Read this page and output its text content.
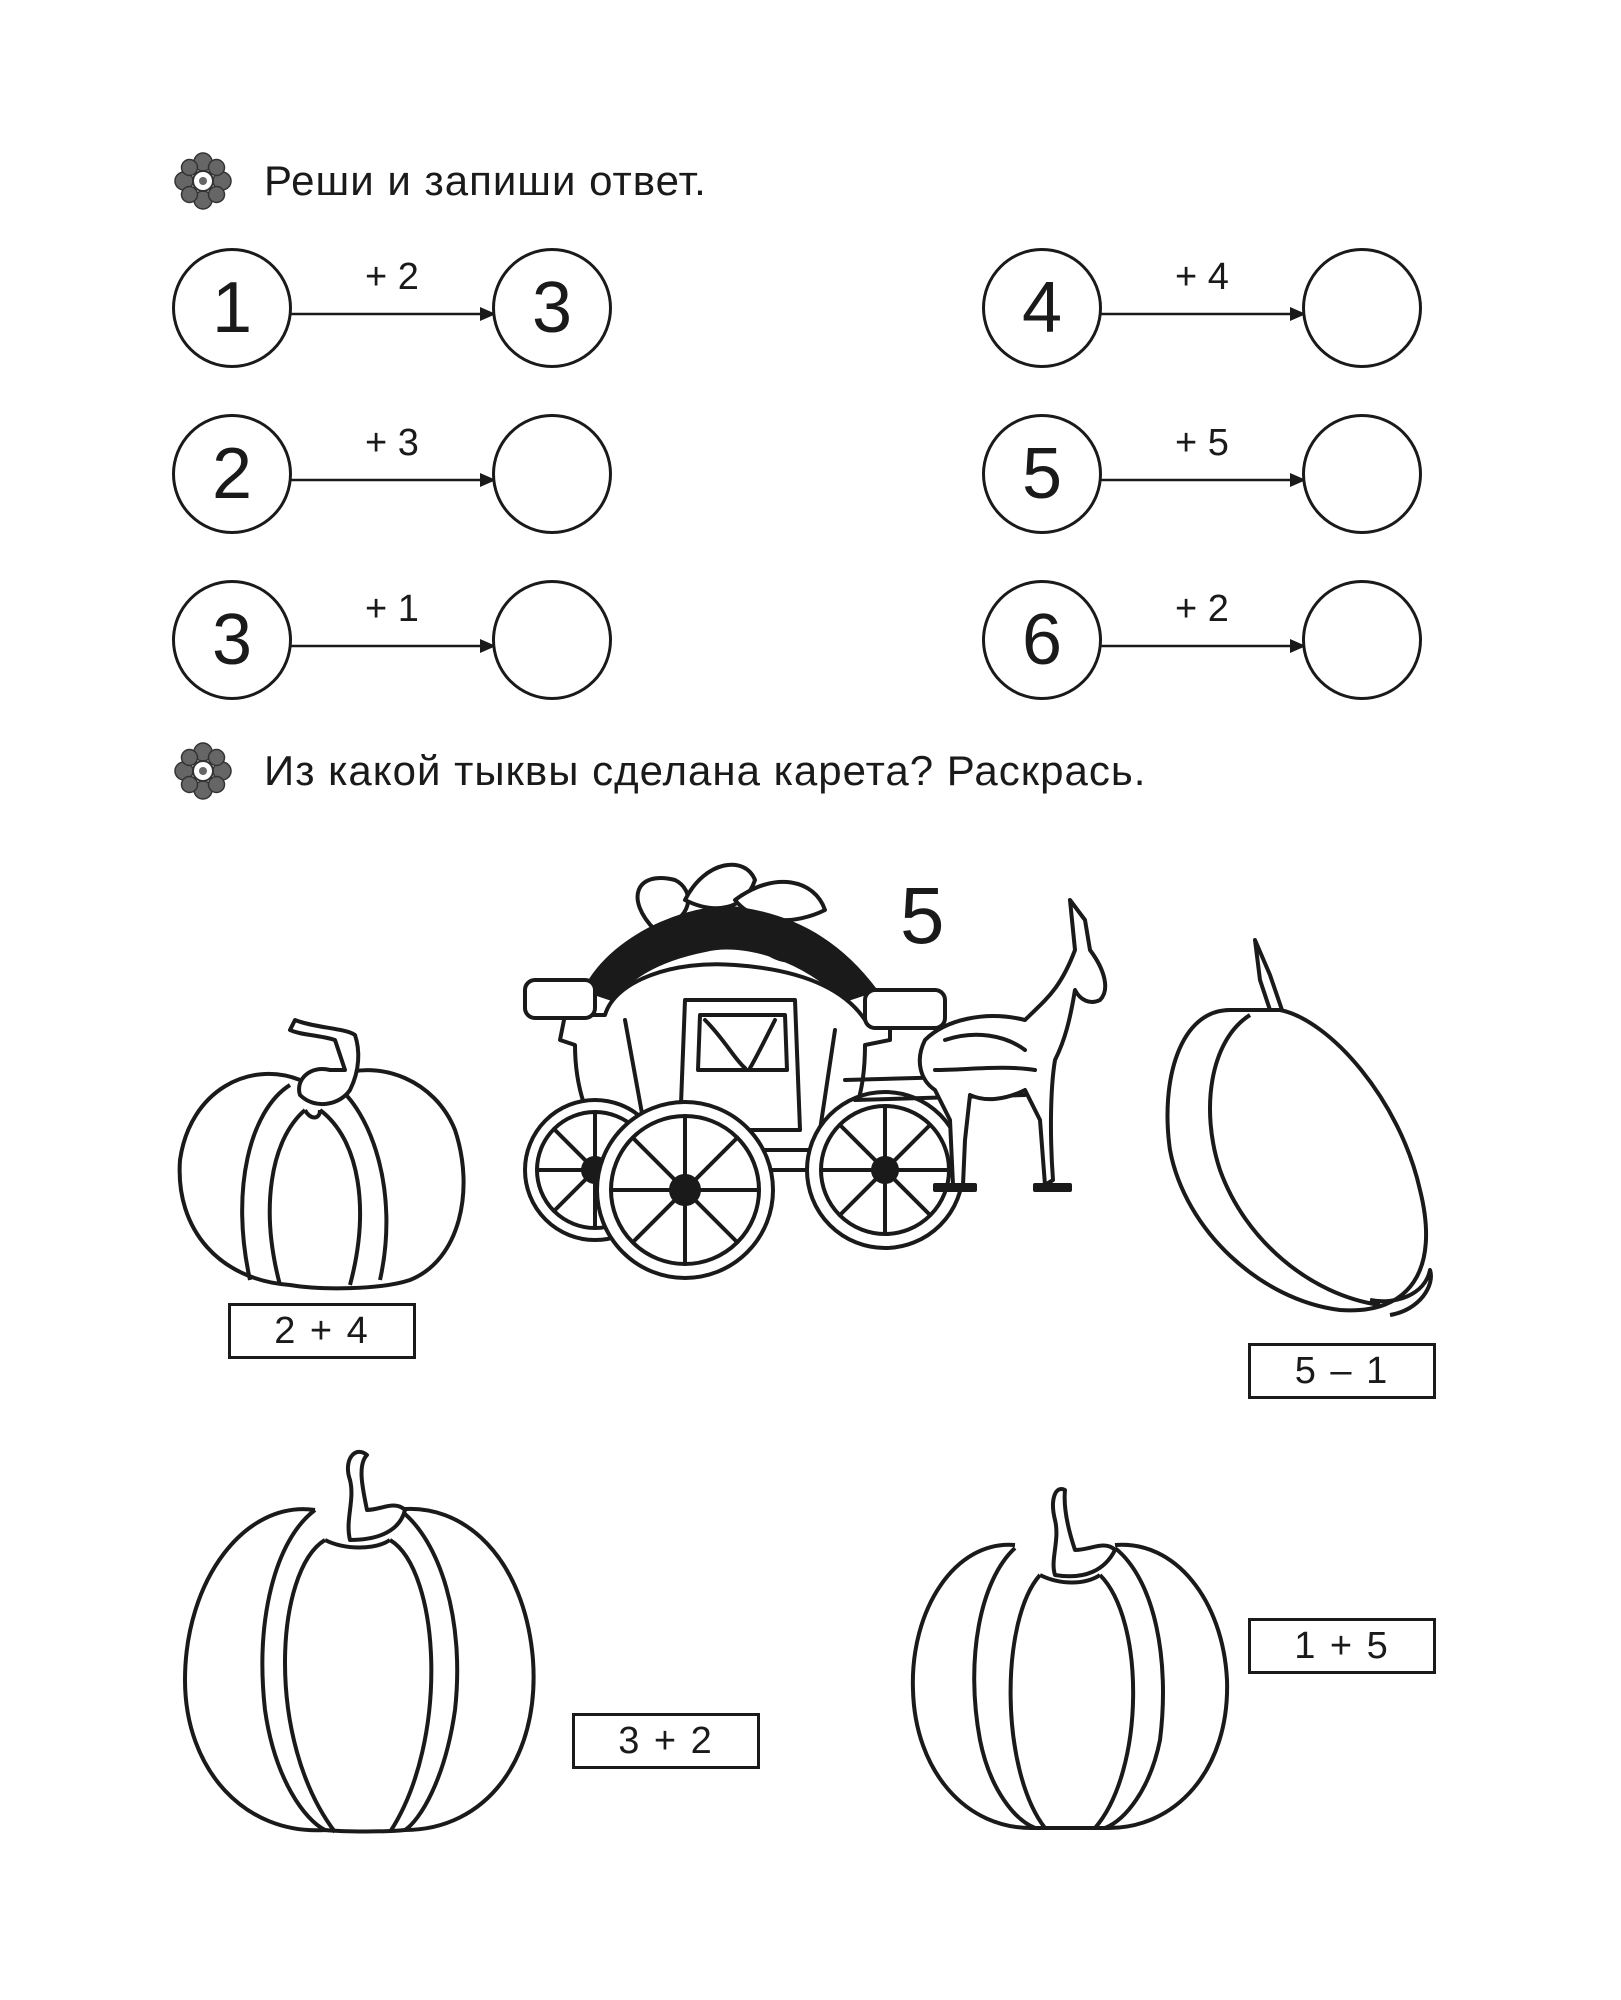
Реши и запиши ответ.
1	+ 2	3
2	+ 3
3	+ 1
4	+ 4
5	+ 5
6	+ 2
Из какой тыквы сделана карета? Раскрась.
5
2 + 4
5 – 1
3 + 2
1 + 5
